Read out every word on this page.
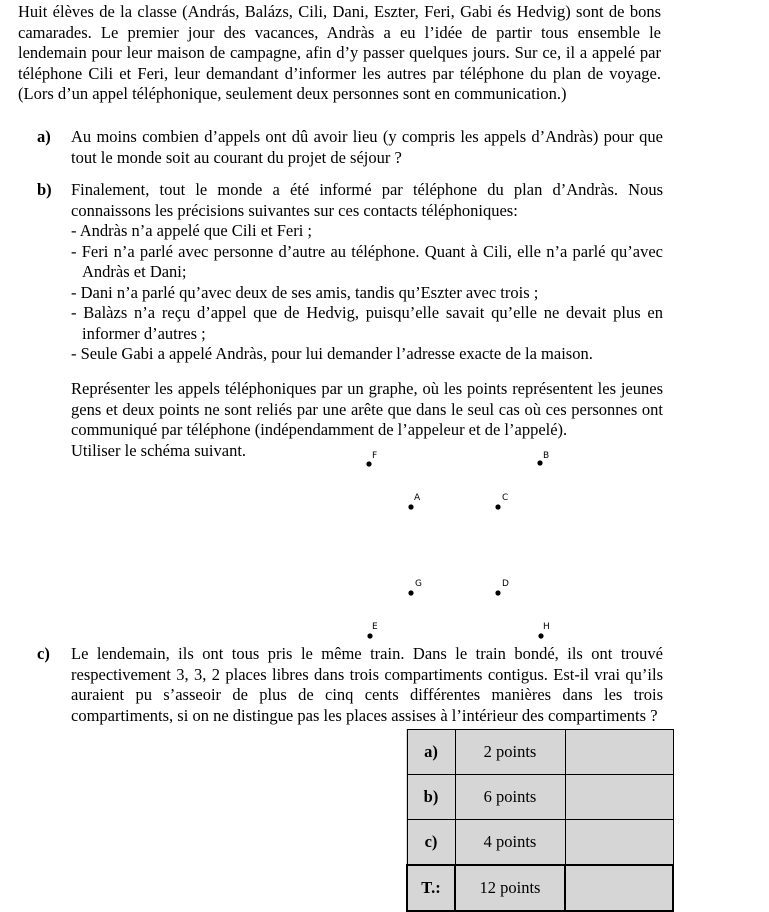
Huit élèves de la classe (András, Balázs, Cili, Dani, Eszter, Feri, Gabi és Hedvig) sont de bons camarades. Le premier jour des vacances, Andràs a eu l’idée de partir tous ensemble le lendemain pour leur maison de campagne, afin d’y passer quelques jours. Sur ce, il a appelé par téléphone Cili et Feri, leur demandant d’informer les autres par téléphone du plan de voyage. (Lors d’un appel téléphonique, seulement deux personnes sont en communication.)
a) Au moins combien d’appels ont dû avoir lieu (y compris les appels d’Andràs) pour que tout le monde soit au courant du projet de séjour ?
b) Finalement, tout le monde a été informé par téléphone du plan d’Andràs. Nous connaissons les précisions suivantes sur ces contacts téléphoniques:

- Andràs n’a appelé que Cili et Feri ;
- Feri n’a parlé avec personne d’autre au téléphone. Quant à Cili, elle n’a parlé qu’avec Andràs et Dani;
- Dani n’a parlé qu’avec deux de ses amis, tandis qu’Eszter avec trois ;
- Balàzs n’a reçu d’appel que de Hedvig, puisqu’elle savait qu’elle ne devait plus en informer d’autres ;
- Seule Gabi a appelé Andràs, pour lui demander l’adresse exacte de la maison.

Représenter les appels téléphoniques par un graphe, où les points représentent les jeunes gens et deux points ne sont reliés par une arête que dans le seul cas où ces personnes ont communiqué par téléphone (indépendamment de l’appeleur et de l’appelé).

Utiliser le schéma suivant.	F	B
A	C
G	D
E	H
c) Le lendemain, ils ont tous pris le même train. Dans le train bondé, ils ont trouvé respectivement 3, 3, 2 places libres dans trois compartiments contigus. Est-il vrai qu’ils auraient pu s’asseoir de plus de cinq cents différentes manières dans les trois compartiments, si on ne distingue pas les places assises à l’intérieur des compartiments ?
a)	2 points	
b)	6 points	
c)	4 points	
T.:	12 points	
